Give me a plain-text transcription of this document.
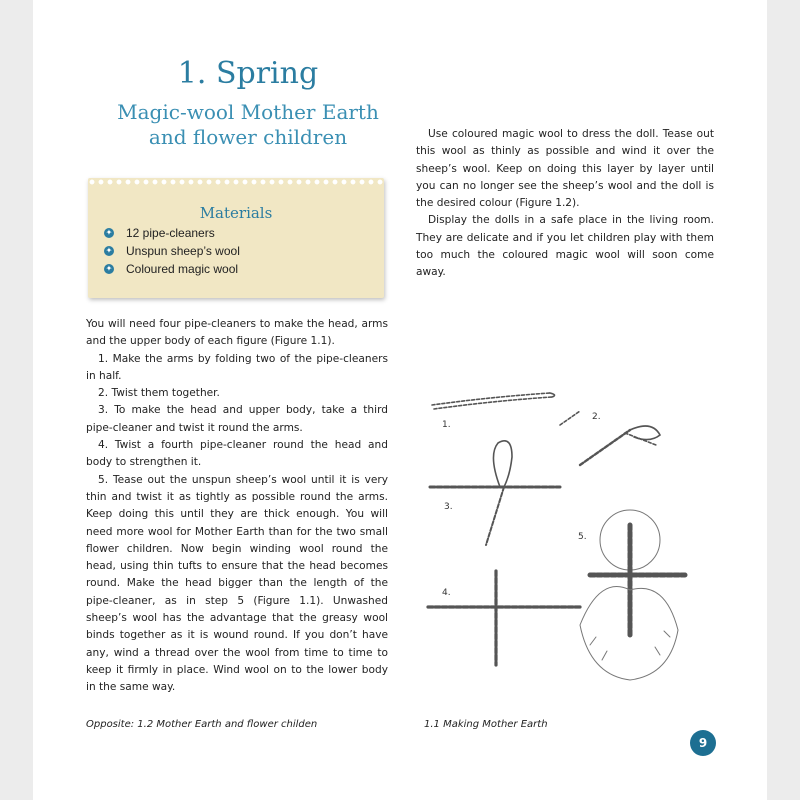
1. Spring
Magic-wool Mother Earth
and flower children
Materials
✦ 12 pipe-cleaners
✦ Unspun sheep’s wool
✦ Coloured magic wool

You will need four pipe-cleaners to make the head, arms and the upper body of each figure (Figure 1.1).

1. Make the arms by folding two of the pipe-cleaners in half.

2. Twist them together.

3. To make the head and upper body, take a third pipe-cleaner and twist it round the arms.

4. Twist a fourth pipe-cleaner round the head and body to strengthen it.

5. Tease out the unspun sheep’s wool until it is very thin and twist it as tightly as possible round the arms. Keep doing this until they are thick enough. You will need more wool for Mother Earth than for the two small flower children. Now begin winding wool round the head, using thin tufts to ensure that the head becomes round. Make the head bigger than the length of the pipe-cleaner, as in step 5 (Figure 1.1). Unwashed sheep’s wool has the advantage that the greasy wool binds together as it is wound round. If you don’t have any, wind a thread over the wool from time to time to keep it firmly in place. Wind wool on to the lower body in the same way.

Use coloured magic wool to dress the doll. Tease out this wool as thinly as possible and wind it over the sheep’s wool. Keep on doing this layer by layer until you can no longer see the sheep’s wool and the doll is the desired colour (Figure 1.2).

Display the dolls in a safe place in the living room. They are delicate and if you let children play with them too much the coloured magic wool will soon come away.

1.
2.
3.
4.
5.

Opposite: 1.2 Mother Earth and flower childen	1.1 Making Mother Earth

9
